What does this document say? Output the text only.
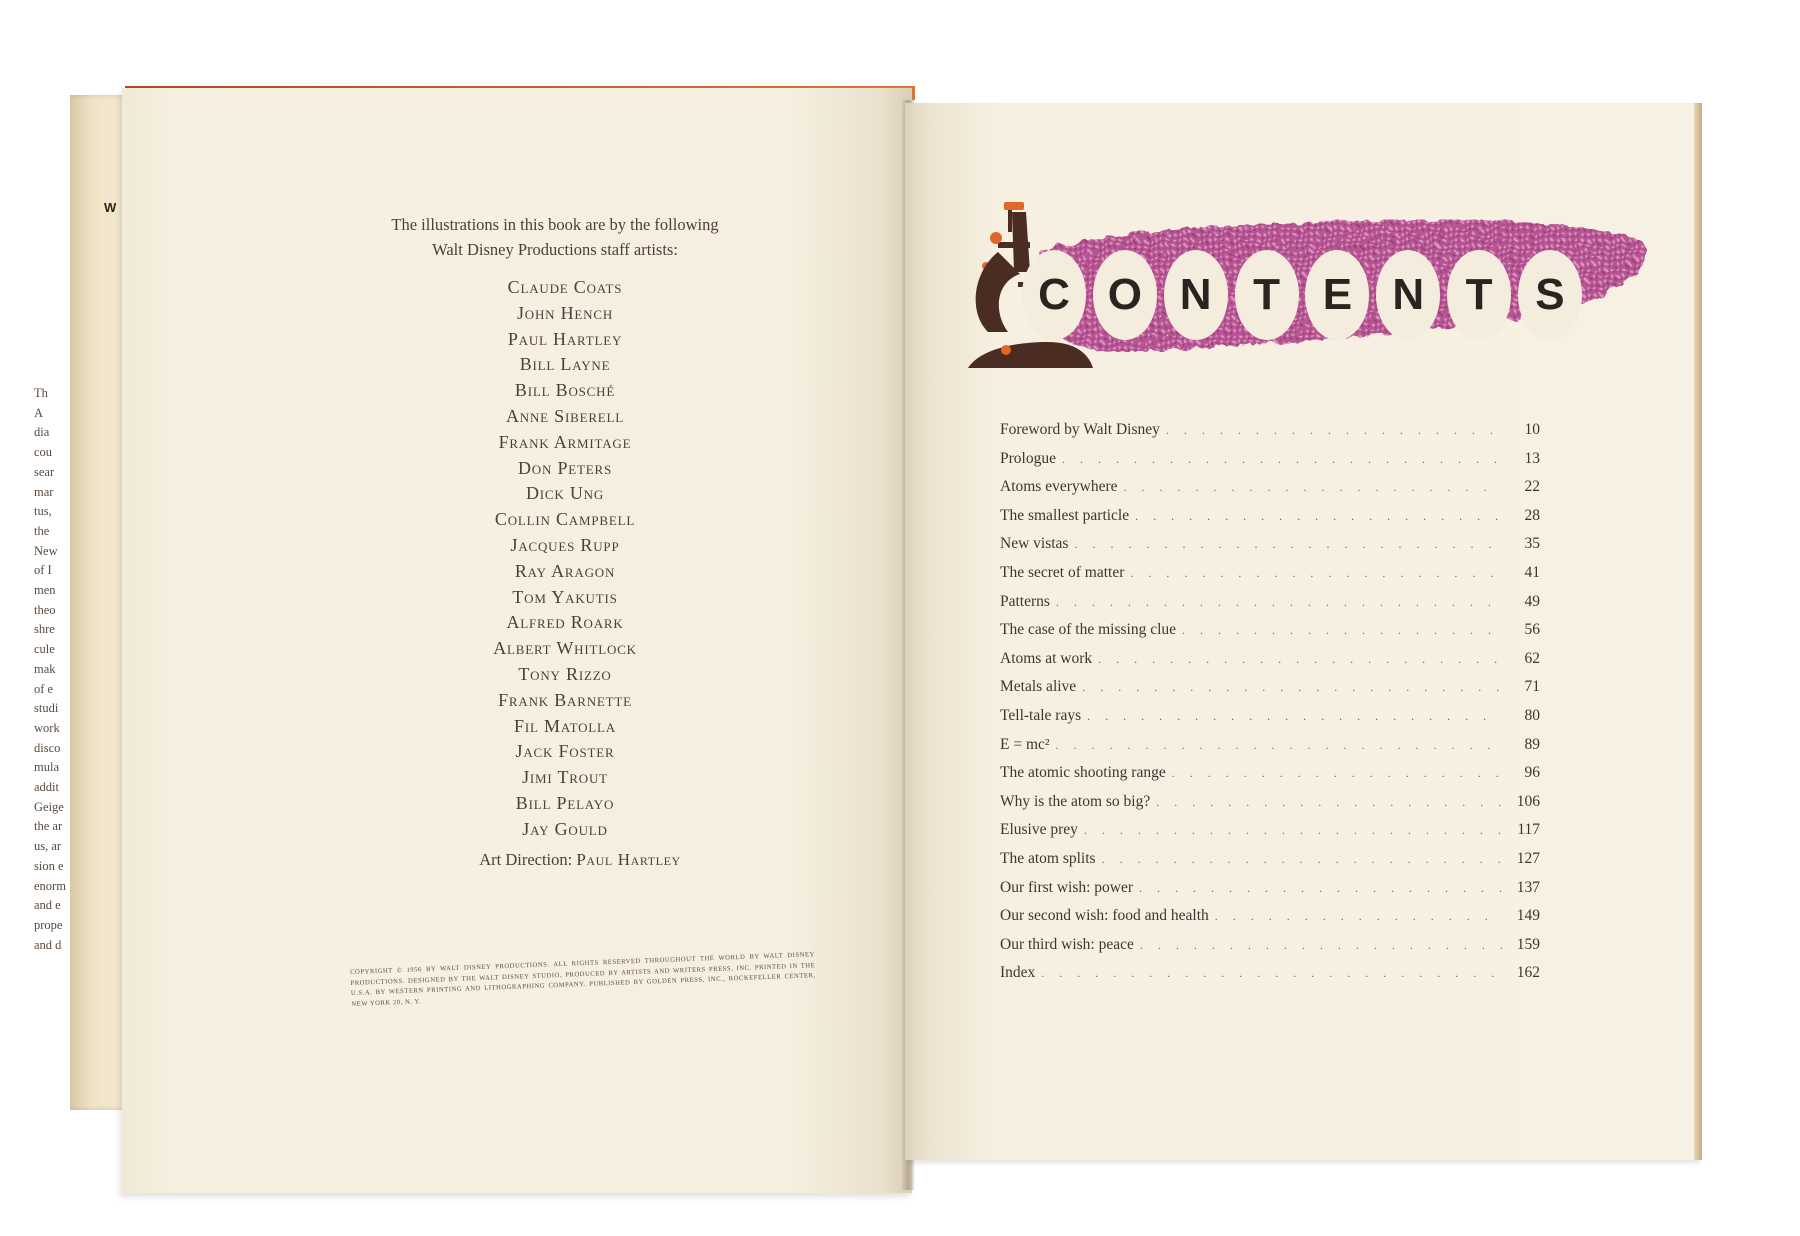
W
Th
A
dia
cou
sear
mar
tus,
the
New
of I
men
theo
shre
cule
mak
of e
studi
work
disco
mula
addit
Geige
the ar
us, ar
sion e
enorm
and e
prope
and d
The illustrations in this book are by the following
Walt Disney Productions staff artists:
Claude Coats
John Hench
Paul Hartley
Bill Layne
Bill Bosché
Anne Siberell
Frank Armitage
Don Peters
Dick Ung
Collin Campbell
Jacques Rupp
Ray Aragon
Tom Yakutis
Alfred Roark
Albert Whitlock
Tony Rizzo
Frank Barnette
Fil Matolla
Jack Foster
Jimi Trout
Bill Pelayo
Jay Gould
Art Direction: Paul Hartley
COPYRIGHT © 1956 BY WALT DISNEY PRODUCTIONS. ALL RIGHTS RESERVED THROUGHOUT THE WORLD BY WALT DISNEY PRODUCTIONS. DESIGNED BY THE WALT DISNEY STUDIO, PRODUCED BY ARTISTS AND WRITERS PRESS, INC. PRINTED IN THE U.S.A. BY WESTERN PRINTING AND LITHOGRAPHING COMPANY. PUBLISHED BY GOLDEN PRESS, INC., ROCKEFELLER CENTER, NEW YORK 20, N. Y.
C O N T E N T S
Foreword by Walt Disney . . .	10
Prologue . . .	13
Atoms everywhere . . .	22
The smallest particle . . .	28
New vistas . . .	35
The secret of matter . . .	41
Patterns . . .	49
The case of the missing clue . . .	56
Atoms at work . . .	62
Metals alive . . .	71
Tell-tale rays . . .	80
E = mc² . . .	89
The atomic shooting range . . .	96
Why is the atom so big? . . .	106
Elusive prey . . .	117
The atom splits . . .	127
Our first wish: power . . .	137
Our second wish: food and health . . .	149
Our third wish: peace . . .	159
Index . . .	162
